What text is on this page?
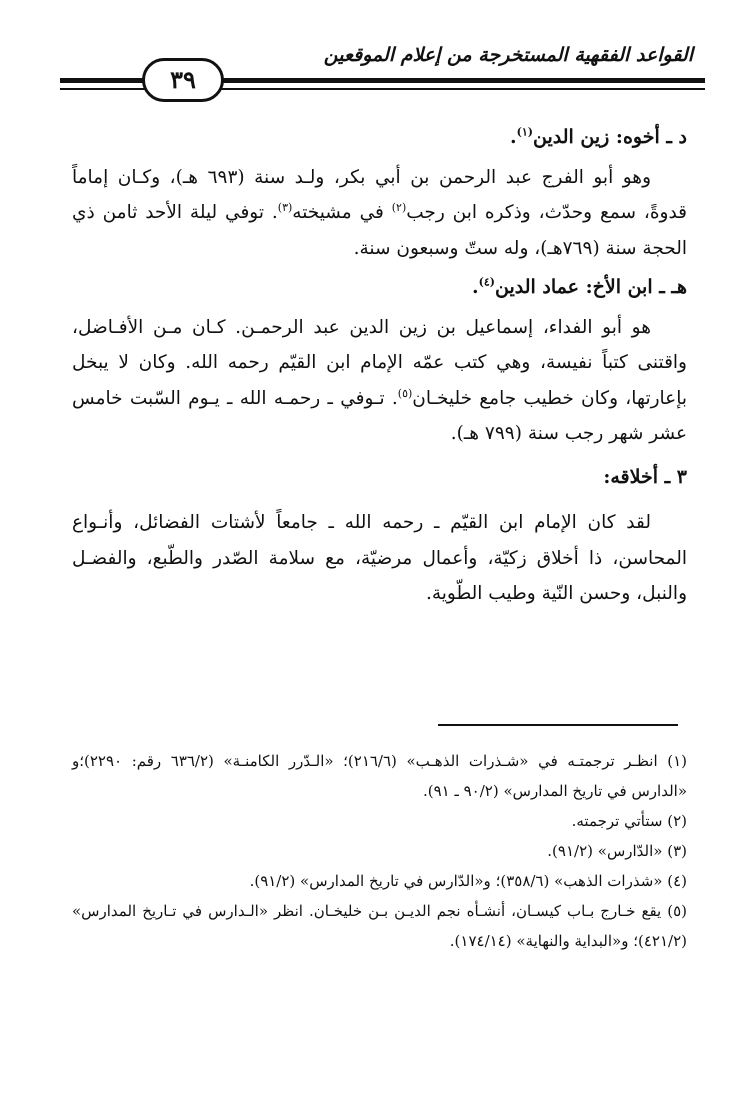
القواعد الفقهية المستخرجة من إعلام الموقعين
٣٩
د ـ أخوه: زين الدين$^{(١)}$.

وهو أبو الفرج عبد الرحمن بن أبي بكر، ولـد سنة (٦٩٣ هـ)، وكـان إماماً قدوةً، سمع وحدّث، وذكره ابن رجب$^{(٢)}$ في مشيخته$^{(٣)}$. توفي ليلة الأحد ثامن ذي الحجة سنة (٧٦٩هـ)، وله ستّ وسبعون سنة.

هـ ـ ابن الأخ: عماد الدين$^{(٤)}$.

هو أبو الفداء، إسماعيل بن زين الدين عبد الرحمـن. كـان مـن الأفـاضل، واقتنى كتباً نفيسة، وهي كتب عمّه الإمام ابن القيّم رحمه الله. وكان لا يبخل بإعارتها، وكان خطيب جامع خليخـان$^{(٥)}$. تـوفي ـ رحمـه الله ـ يـوم السّبت خامس عشر شهر رجب سنة (٧٩٩ هـ).

٣ ـ أخلاقه:

لقد كان الإمام ابن القيّم ـ رحمه الله ـ جامعاً لأشتات الفضائل، وأنـواع المحاسن، ذا أخلاق زكيّة، وأعمال مرضيّة، مع سلامة الصّدر والطّبع، والفضـل والنبل، وحسن النّية وطيب الطّوية.

(١) انظـر ترجمتـه في «شـذرات الذهـب» (٢١٦/٦)؛ «الـدّرر الكامنـة» (٦٣٦/٢ رقم: ٢٢٩٠)؛و «الدارس في تاريخ المدارس» (٩٠/٢ ـ ٩١).

(٢) ستأتي ترجمته.

(٣) «الدّارس» (٩١/٢).

(٤) «شذرات الذهب» (٣٥٨/٦)؛ و«الدّارس في تاريخ المدارس» (٩١/٢).

(٥) يقع خـارج بـاب كيسـان، أنشـأه نجم الديـن بـن خليخـان. انظر «الـدارس في تـاريخ المدارس» (٤٢١/٢)؛ و«البداية والنهاية» (١٧٤/١٤).
